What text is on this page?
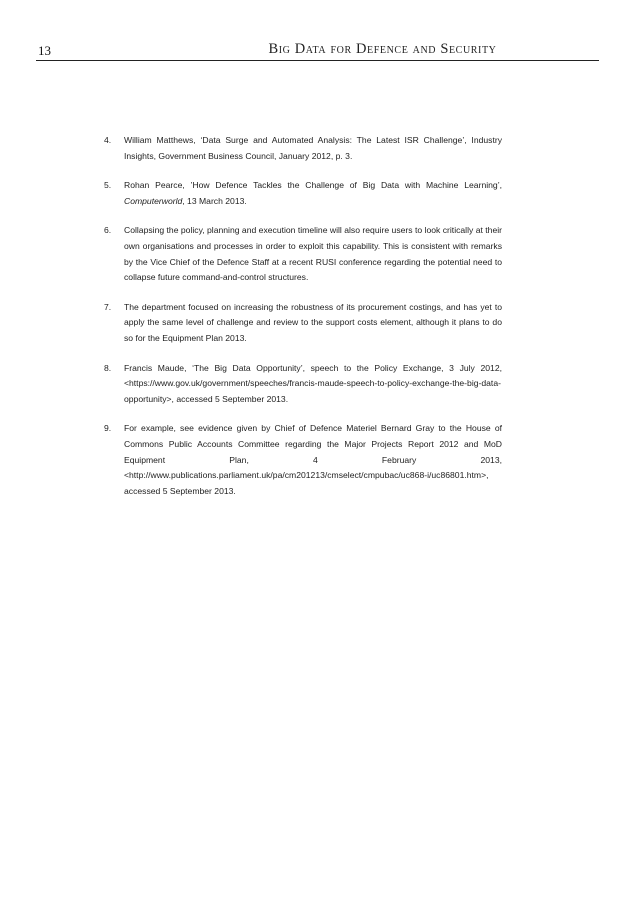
13	Big Data for Defence and Security
4. William Matthews, ‘Data Surge and Automated Analysis: The Latest ISR Challenge’, Industry Insights, Government Business Council, January 2012, p. 3.
5. Rohan Pearce, ’How Defence Tackles the Challenge of Big Data with Machine Learning’, Computerworld, 13 March 2013.
6. Collapsing the policy, planning and execution timeline will also require users to look critically at their own organisations and processes in order to exploit this capability. This is consistent with remarks by the Vice Chief of the Defence Staff at a recent RUSI conference regarding the potential need to collapse future command-and-control structures.
7. The department focused on increasing the robustness of its procurement costings, and has yet to apply the same level of challenge and review to the support costs element, although it plans to do so for the Equipment Plan 2013.
8. Francis Maude, ‘The Big Data Opportunity’, speech to the Policy Exchange, 3 July 2012, <https://www.gov.uk/government/speeches/francis-maude-speech-to-policy-exchange-the-big-data-opportunity>, accessed 5 September 2013.
9. For example, see evidence given by Chief of Defence Materiel Bernard Gray to the House of Commons Public Accounts Committee regarding the Major Projects Report 2012 and MoD Equipment Plan, 4 February 2013, <http://www.publications.parliament.uk/pa/cm201213/cmselect/cmpubac/uc868-i/uc86801.htm>, accessed 5 September 2013.
